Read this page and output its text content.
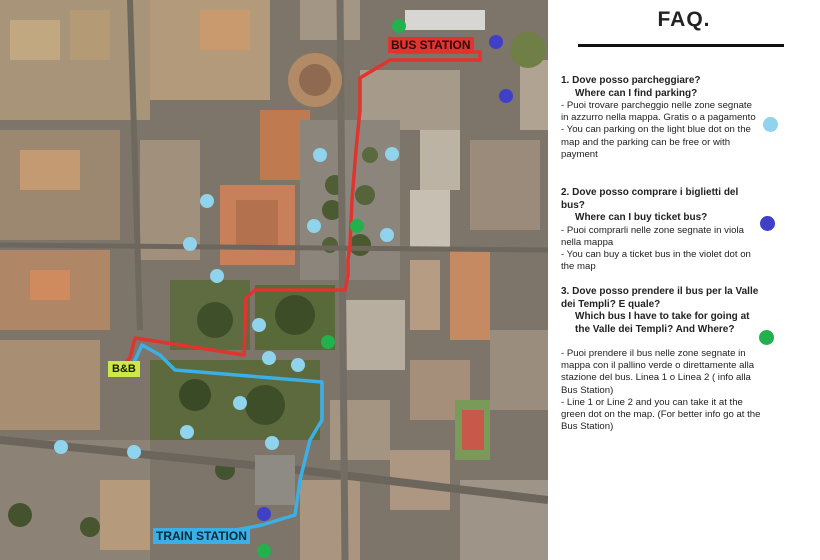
BUS STATION
TRAIN STATION
B&B
FAQ.

1. Dove posso parcheggiare?

Where can I find parking?

- Puoi trovare parcheggio nelle zone segnate in azzurro nella mappa. Gratis o a pagamento

- You can parking on the light blue dot on the map and the parking can be free or with payment

2. Dove posso comprare i biglietti del bus?

Where can I buy ticket bus?

- Puoi comprarli nelle zone segnate in viola nella mappa

- You can buy a ticket bus in the violet dot on the map

3. Dove posso prendere il bus per la Valle dei Templi? E quale?

Which bus I have to take for going at the Valle dei Templi? And Where?

- Puoi prendere il bus nelle zone segnate in mappa con il pallino verde o direttamente alla stazione del bus. Linea 1 o Linea 2 ( info alla Bus Station)

- Line 1 or Line 2 and you can take it at the green dot on the map. (For better info go at the Bus Station)
